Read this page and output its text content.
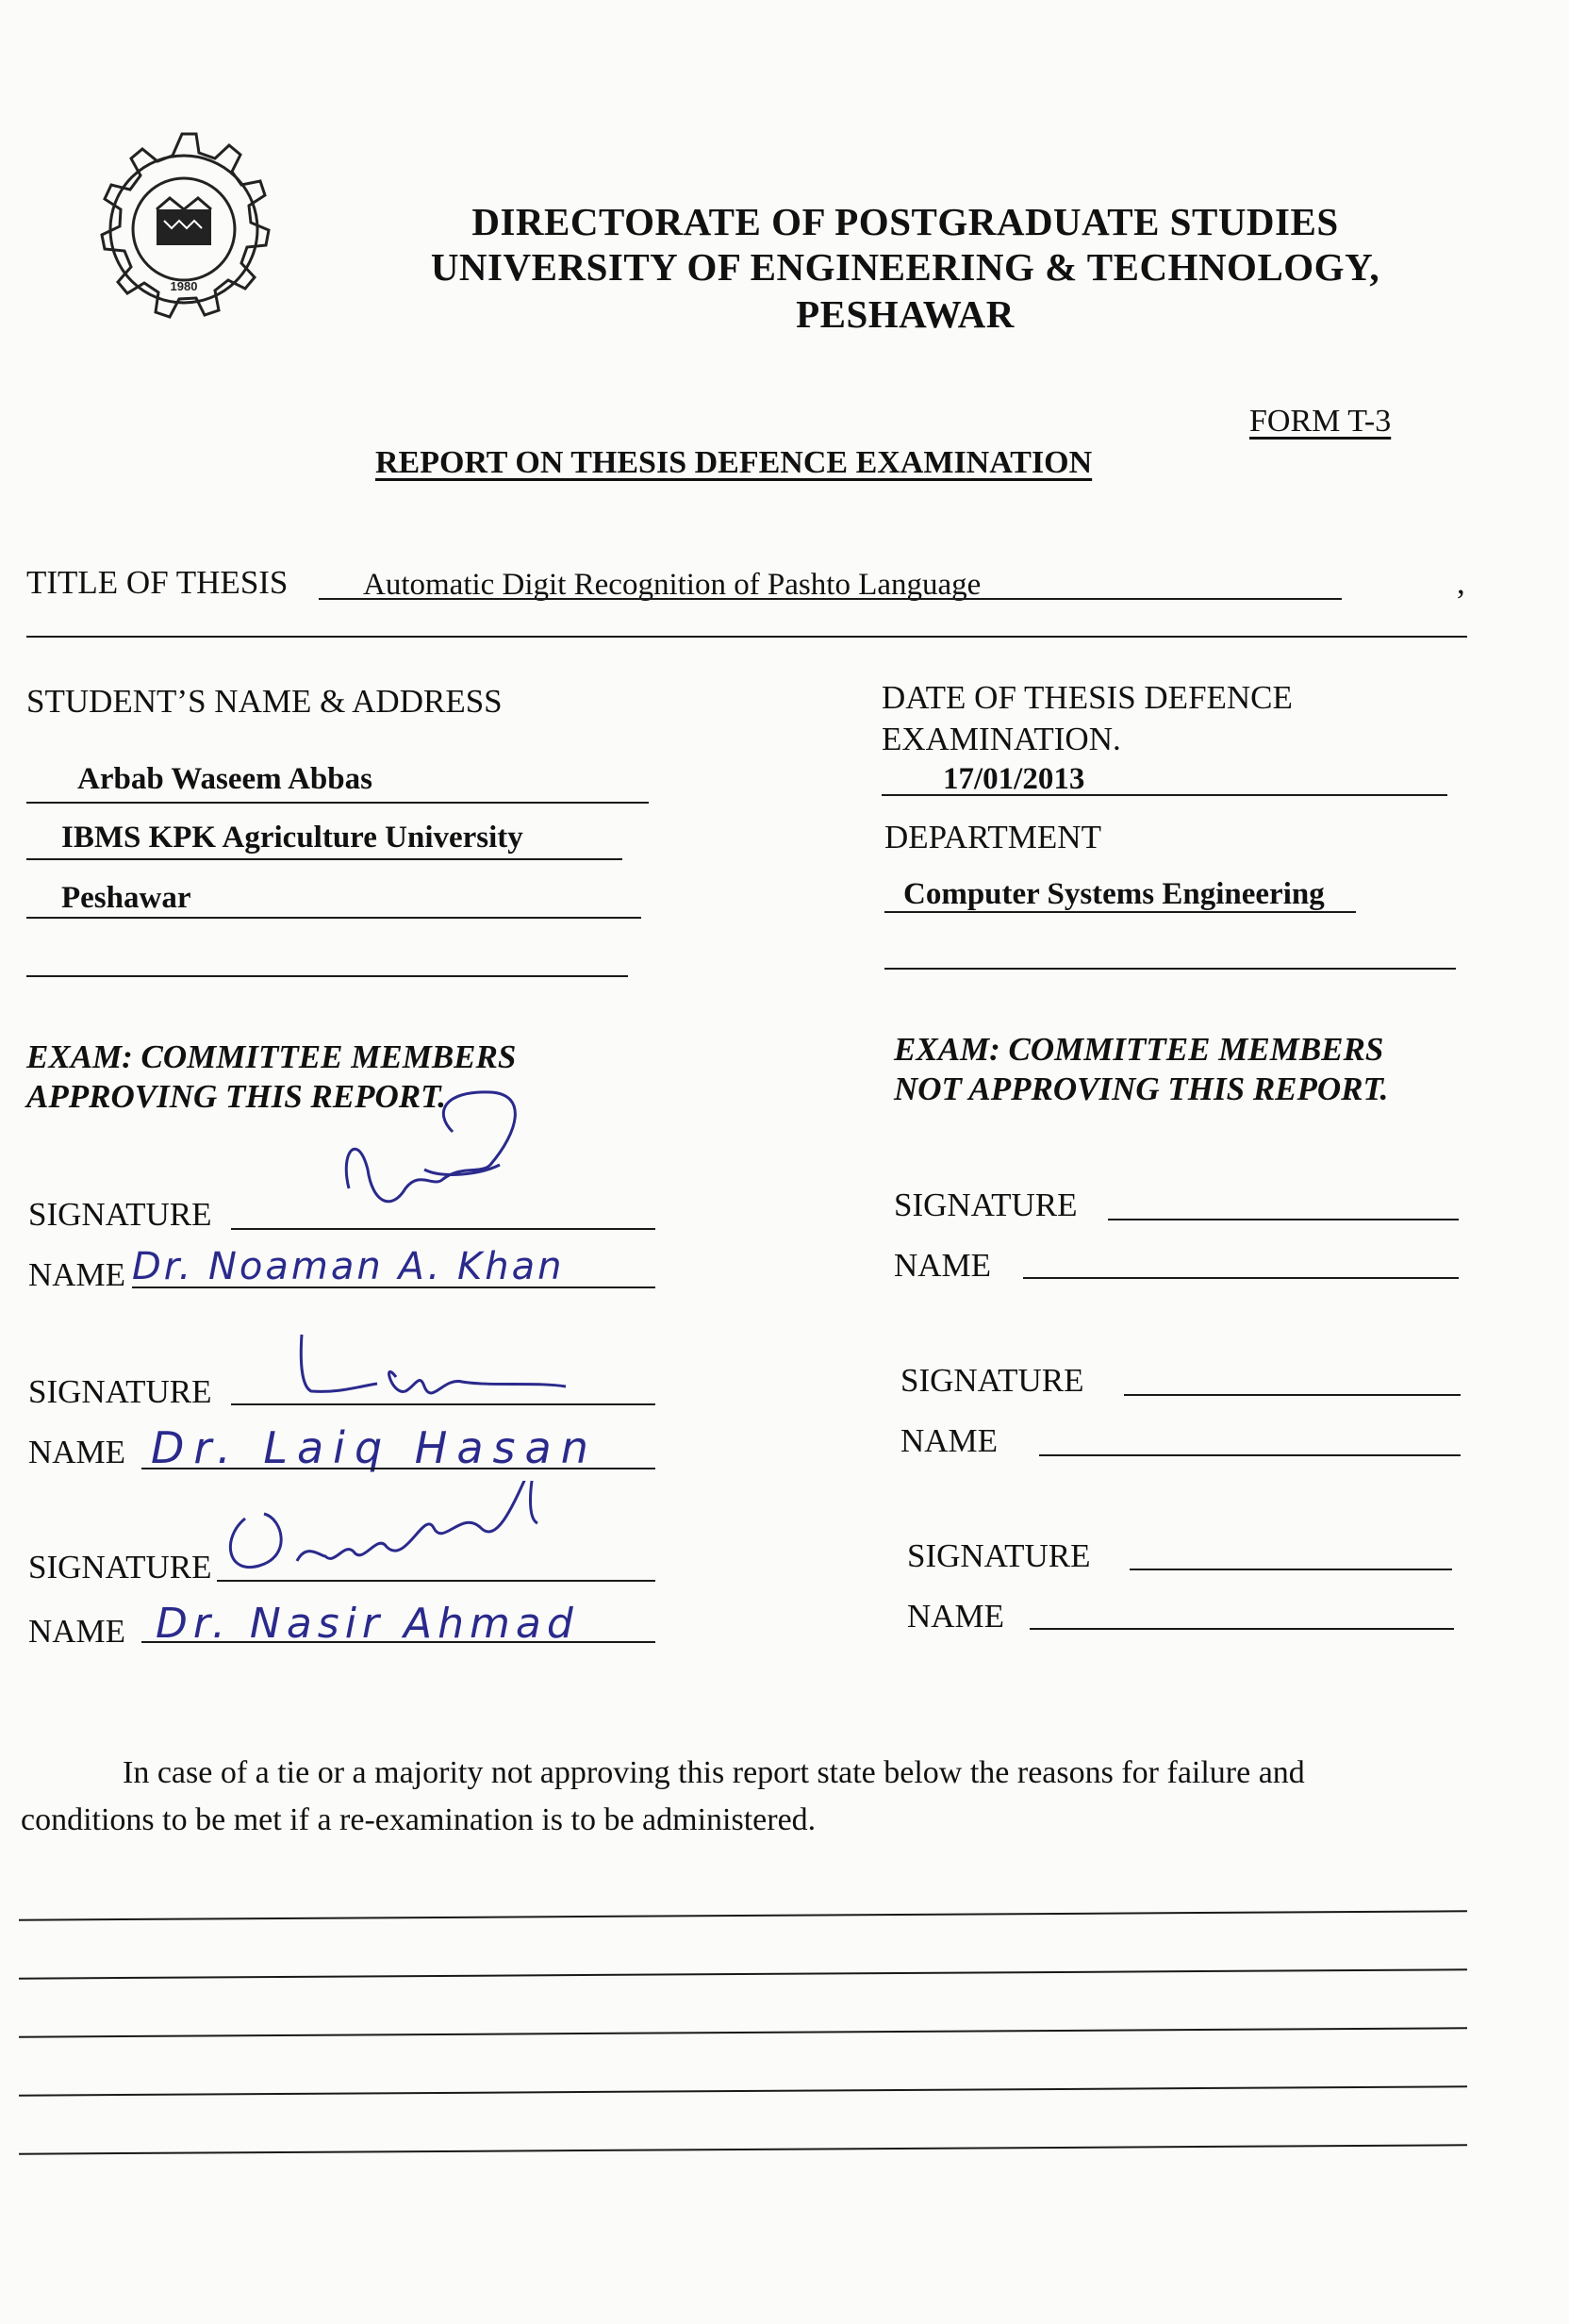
1980
DIRECTORATE OF POSTGRADUATE STUDIES
UNIVERSITY OF ENGINEERING & TECHNOLOGY,
PESHAWAR
FORM T-3
REPORT ON THESIS DEFENCE EXAMINATION
TITLE OF THESIS Automatic Digit Recognition of Pashto Language	,
STUDENT’S NAME & ADDRESS
Arbab Waseem Abbas
IBMS KPK Agriculture University
Peshawar
DATE OF THESIS DEFENCE
EXAMINATION.
17/01/2013
DEPARTMENT
Computer Systems Engineering
EXAM: COMMITTEE MEMBERS
APPROVING THIS REPORT.
SIGNATURE
NAME Dr. Noaman A. Khan
SIGNATURE
NAME Dr. Laiq Hasan
SIGNATURE
NAME Dr. Nasir Ahmad
EXAM: COMMITTEE MEMBERS
NOT APPROVING THIS REPORT.
SIGNATURE
NAME
SIGNATURE
NAME
SIGNATURE
NAME
In case of a tie or a majority not approving this report state below the reasons for failure and
conditions to be met if a re-examination is to be administered.
